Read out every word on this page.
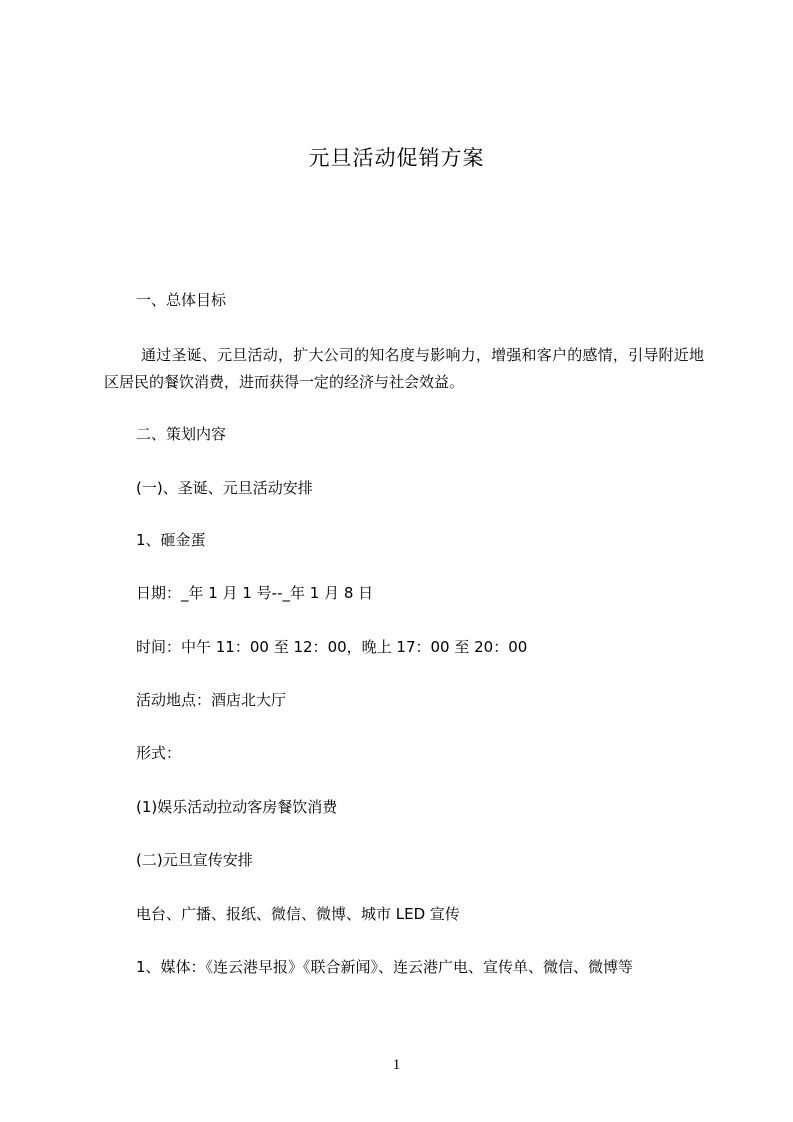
元旦活动促销方案
一、总体目标
通过圣诞、元旦活动，扩大公司的知名度与影响力，增强和客户的感情，引导附近地区居民的餐饮消费，进而获得一定的经济与社会效益。
二、策划内容
(一)、圣诞、元旦活动安排
1、砸金蛋
日期：_年 1 月 1 号--_年 1 月 8 日
时间：中午 11：00 至 12：00，晚上 17：00 至 20：00
活动地点：酒店北大厅
形式：
(1)娱乐活动拉动客房餐饮消费
(二)元旦宣传安排
电台、广播、报纸、微信、微博、城市 LED 宣传
1、媒体：《连云港早报》《联合新闻》、连云港广电、宣传单、微信、微博等
1
